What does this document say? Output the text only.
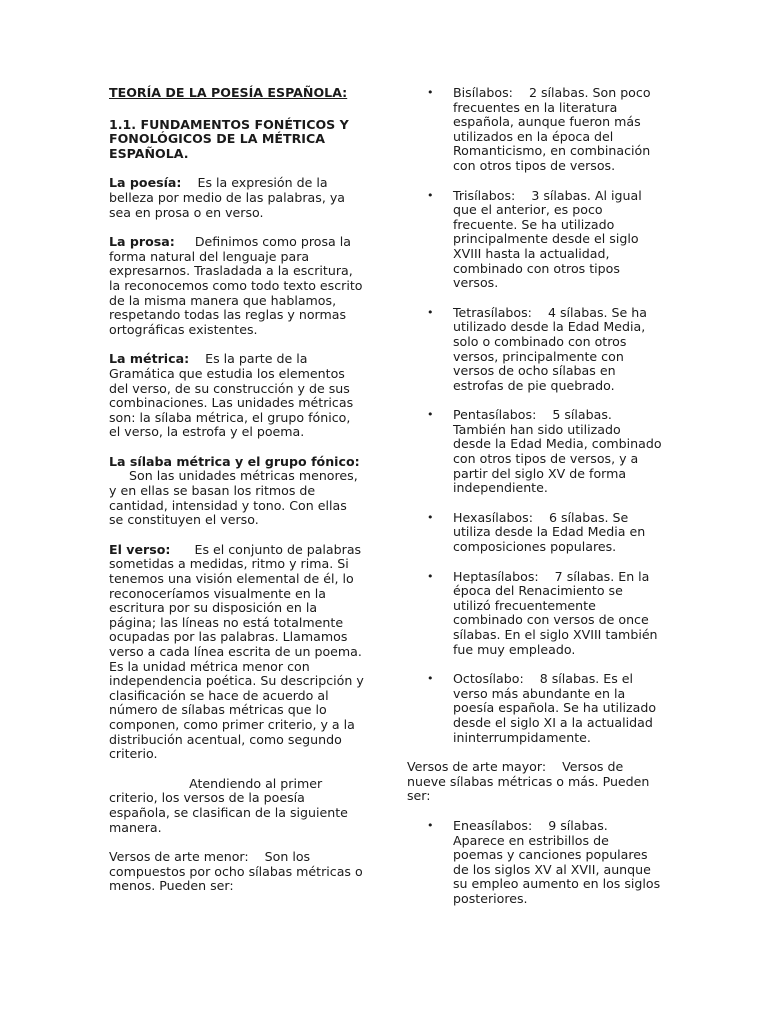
TEORÍA DE LA POESÍA ESPAÑOLA:

1.1. FUNDAMENTOS FONÉTICOS Y FONOLÓGICOS DE LA MÉTRICA ESPAÑOLA.

La poesía: Es la expresión de la belleza por medio de las palabras, ya sea en prosa o en verso.

La prosa: Definimos como prosa la forma natural del lenguaje para expresarnos. Trasladada a la escritura, la reconocemos como todo texto escrito de la misma manera que hablamos, respetando todas las reglas y normas ortográficas existentes.

La métrica: Es la parte de la Gramática que estudia los elementos del verso, de su construcción y de sus combinaciones. Las unidades métricas son: la sílaba métrica, el grupo fónico, el verso, la estrofa y el poema.

La sílaba métrica y el grupo fónico:     Son las unidades métricas menores, y en ellas se basan los ritmos de cantidad, intensidad y tono. Con ellas se constituyen el verso.

El verso: Es el conjunto de palabras sometidas a medidas, ritmo y rima. Si tenemos una visión elemental de él, lo reconoceríamos visualmente en la escritura por su disposición en la página; las líneas no está totalmente ocupadas por las palabras. Llamamos verso a cada línea escrita de un poema. Es la unidad métrica menor con independencia poética. Su descripción y clasificación se hace de acuerdo al número de sílabas métricas que lo componen, como primer criterio, y a la distribución acentual, como segundo criterio.

Atendiendo al primer criterio, los versos de la poesía española, se clasifican de la siguiente manera.

Versos de arte menor: Son los compuestos por ocho sílabas métricas o menos. Pueden ser:

• Bisílabos: 2 sílabas. Son poco frecuentes en la literatura española, aunque fueron más utilizados en la época del Romanticismo, en combinación con otros tipos de versos.
• Trisílabos: 3 sílabas. Al igual que el anterior, es poco frecuente. Se ha utilizado principalmente desde el siglo XVIII hasta la actualidad, combinado con otros tipos versos.
• Tetrasílabos: 4 sílabas. Se ha utilizado desde la Edad Media, solo o combinado con otros versos, principalmente con versos de ocho sílabas en estrofas de pie quebrado.
• Pentasílabos: 5 sílabas. También han sido utilizado desde la Edad Media, combinado con otros tipos de versos, y a partir del siglo XV de forma independiente.
• Hexasílabos: 6 sílabas. Se utiliza desde la Edad Media en composiciones populares.
• Heptasílabos: 7 sílabas. En la época del Renacimiento se utilizó frecuentemente combinado con versos de once sílabas. En el siglo XVIII también fue muy empleado.
• Octosílabo: 8 sílabas. Es el verso más abundante en la poesía española. Se ha utilizado desde el siglo XI a la actualidad ininterrumpidamente.

Versos de arte mayor: Versos de nueve sílabas métricas o más. Pueden ser:

• Eneasílabos: 9 sílabas. Aparece en estribillos de poemas y canciones populares de los siglos XV al XVII, aunque su empleo aumento en los siglos posteriores.
